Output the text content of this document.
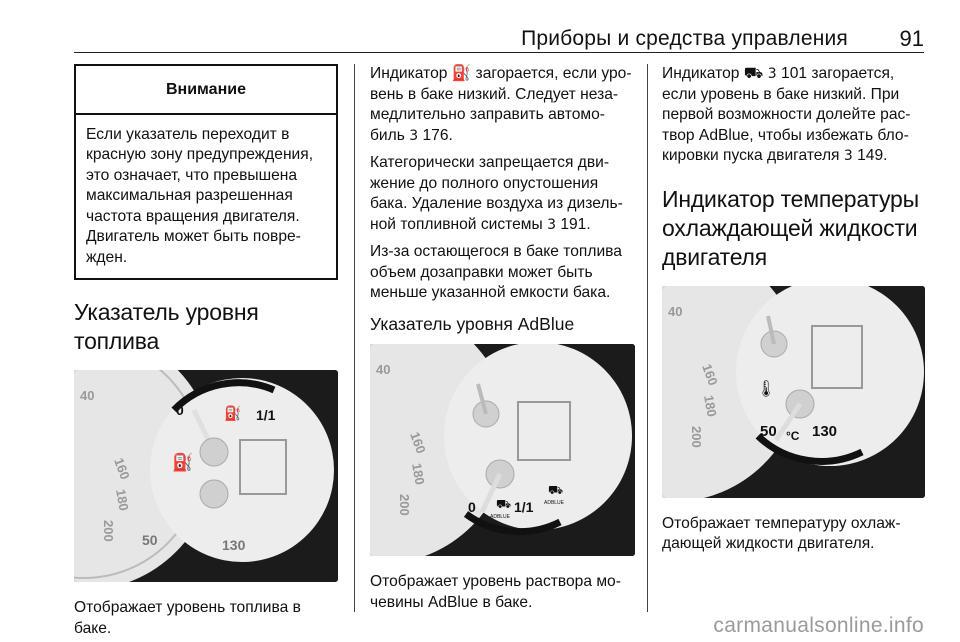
Приборы и средства управления 91
Внимание
Если указатель переходит в красную зону предупреждения, это означает, что превышена максимальная разрешенная частота вращения двигателя. Двигатель может быть повре-жден.
Указатель уровня топлива
40
160
180
200
0	⛽ 1/1
⛽
50	130
Отображает уровень топлива в баке.

Индикатор ⛽ загорается, если уро-вень в баке низкий. Следует неза-медлительно заправить автомо-биль 3 176.

Категорически запрещается дви-жение до полного опустошения бака. Удаление воздуха из дизель-ной топливной системы 3 191.

Из-за остающегося в баке топлива объем дозаправки может быть меньше указанной емкости бака.

Указатель уровня AdBlue
40
160
180
200	0 ⛟
ADBLUE
1/1
⛟
ADBLUE
Отображает уровень раствора мо-чевины AdBlue в баке.

Индикатор ⛟ 3 101 загорается, если уровень в баке низкий. При первой возможности долейте рас-твор AdBlue, чтобы избежать бло-кировки пуска двигателя 3 149.

Индикатор температуры охлаждающей жидкости двигателя
40
160
180
200
🌡
50 °C 130
Отображает температуру охлаж-дающей жидкости двигателя.
carmanualsonline.info
